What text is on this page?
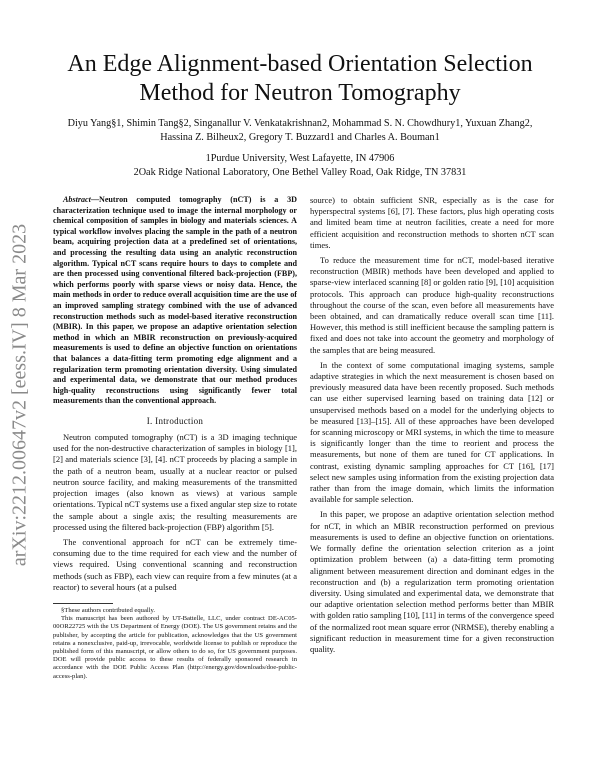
An Edge Alignment-based Orientation Selection
Method for Neutron Tomography
Diyu Yang§1, Shimin Tang§2, Singanallur V. Venkatakrishnan2, Mohammad S. N. Chowdhury1, Yuxuan Zhang2,
Hassina Z. Bilheux2, Gregory T. Buzzard1 and Charles A. Bouman1
1Purdue University, West Lafayette, IN 47906
2Oak Ridge National Laboratory, One Bethel Valley Road, Oak Ridge, TN 37831
arXiv:2212.00647v2 [eess.IV] 8 Mar 2023

Abstract—Neutron computed tomography (nCT) is a 3D characterization technique used to image the internal morphology or chemical composition of samples in biology and materials sciences. A typical workflow involves placing the sample in the path of a neutron beam, acquiring projection data at a predefined set of orientations, and processing the resulting data using an analytic reconstruction algorithm. Typical nCT scans require hours to days to complete and are then processed using conventional filtered back-projection (FBP), which performs poorly with sparse views or noisy data. Hence, the main methods in order to reduce overall acquisition time are the use of an improved sampling strategy combined with the use of advanced reconstruction methods such as model-based iterative reconstruction (MBIR). In this paper, we propose an adaptive orientation selection method in which an MBIR reconstruction on previously-acquired measurements is used to define an objective function on orientations that balances a data-fitting term promoting edge alignment and a regularization term promoting orientation diversity. Using simulated and experimental data, we demonstrate that our method produces high-quality reconstructions using significantly fewer total measurements than the conventional approach.

I. Introduction

Neutron computed tomography (nCT) is a 3D imaging technique used for the non-destructive characterization of samples in biology [1], [2] and materials science [3], [4]. nCT proceeds by placing a sample in the path of a neutron beam, usually at a nuclear reactor or pulsed neutron source facility, and making measurements of the transmitted projection images (also known as views) at various sample orientations. Typical nCT systems use a fixed angular step size to rotate the sample about a single axis; the resulting measurements are processed using the filtered back-projection (FBP) algorithm [5].

The conventional approach for nCT can be extremely time-consuming due to the time required for each view and the number of views required. Using conventional scanning and reconstruction methods (such as FBP), each view can require from a few minutes (at a reactor) to several hours (at a pulsed

§These authors contributed equally.

This manuscript has been authored by UT-Battelle, LLC, under contract DE-AC05-00OR22725 with the US Department of Energy (DOE). The US government retains and the publisher, by accepting the article for publication, acknowledges that the US government retains a nonexclusive, paid-up, irrevocable, worldwide license to publish or reproduce the published form of this manuscript, or allow others to do so, for US government purposes. DOE will provide public access to these results of federally sponsored research in accordance with the DOE Public Access Plan (http://energy.gov/downloads/doe-public-access-plan).

source) to obtain sufficient SNR, especially as is the case for hyperspectral systems [6], [7]. These factors, plus high operating costs and limited beam time at neutron facilities, create a need for more efficient acquisition and reconstruction methods to shorten nCT scan times.

To reduce the measurement time for nCT, model-based iterative reconstruction (MBIR) methods have been developed and applied to sparse-view interlaced scanning [8] or golden ratio [9], [10] acquisition protocols. This approach can produce high-quality reconstructions throughout the course of the scan, even before all measurements have been obtained, and can dramatically reduce overall scan time [11]. However, this method is still inefficient because the sampling pattern is fixed and does not take into account the geometry and morphology of the samples that are being measured.

In the context of some computational imaging systems, sample adaptive strategies in which the next measurement is chosen based on previously measured data have been recently proposed. Such methods can use either supervised learning based on training data [12] or unsupervised methods based on a model for the underlying objects to be measured [13]–[15]. All of these approaches have been developed for scanning microscopy or MRI systems, in which the time to measure is significantly longer than the time to reorient and process the measurements, but none of them are tuned for CT applications. In contrast, existing dynamic sampling approaches for CT [16], [17] select new samples using information from the existing projection data rather than from the image domain, which limits the information available for sample selection.

In this paper, we propose an adaptive orientation selection method for nCT, in which an MBIR reconstruction performed on previous measurements is used to define an objective function on orientations. We formally define the orientation selection criterion as a joint optimization problem between (a) a data-fitting term promoting alignment between measurement direction and dominant edges in the reconstruction and (b) a regularization term promoting orientation diversity. Using simulated and experimental data, we demonstrate that our adaptive orientation selection method performs better than MBIR with golden ratio sampling [10], [11] in terms of the convergence speed of the normalized root mean square error (NRMSE), thereby enabling a significant reduction in measurement time for a given reconstruction quality.
